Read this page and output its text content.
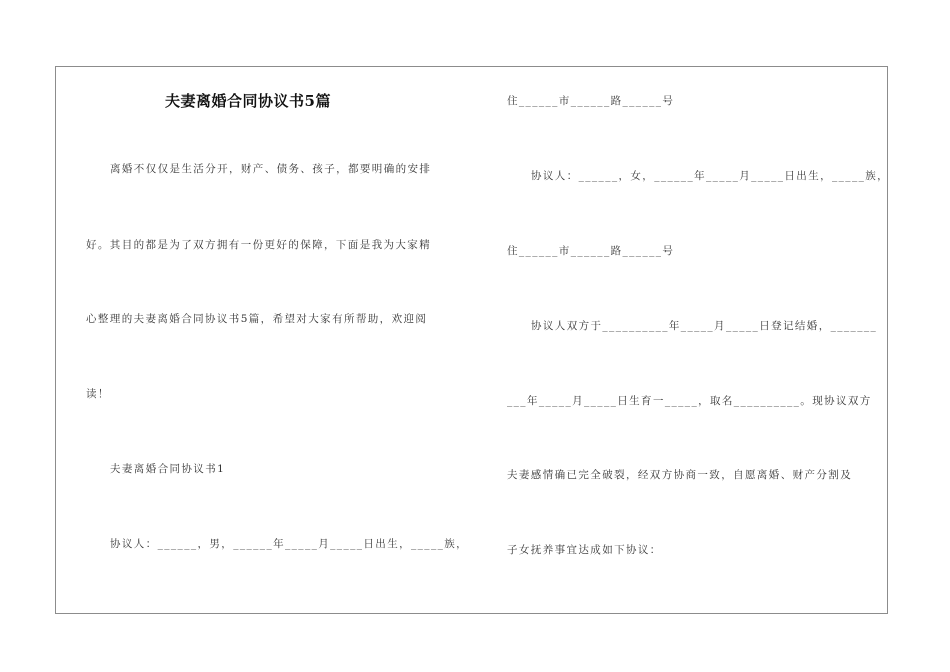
夫妻离婚合同协议书5篇
离婚不仅仅是生活分开，财产、债务、孩子，都要明确的安排
好。其目的都是为了双方拥有一份更好的保障，下面是我为大家精
心整理的夫妻离婚合同协议书5篇，希望对大家有所帮助，欢迎阅
读！
夫妻离婚合同协议书1
协议人：______，男，______年_____月_____日出生，_____族，
住______市______路______号
协议人：______，女，______年_____月_____日出生，_____族，
住______市______路______号
协议人双方于__________年_____月_____日登记结婚，_______
___年_____月_____日生育一_____，取名__________。现协议双方
夫妻感情确已完全破裂，经双方协商一致，自愿离婚、财产分割及
子女抚养事宜达成如下协议：
